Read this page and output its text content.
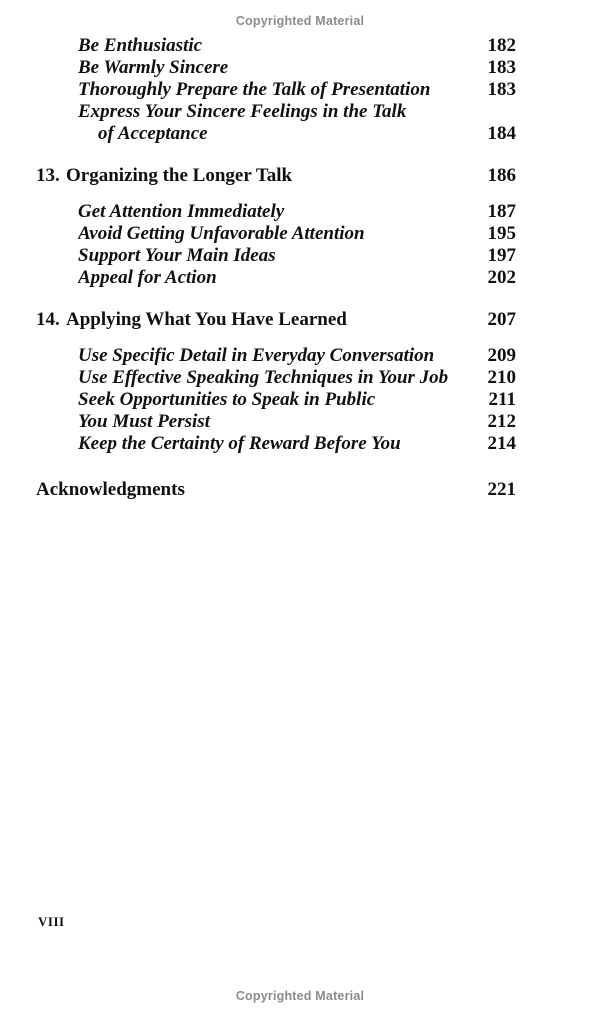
Copyrighted Material
Be Enthusiastic	182
Be Warmly Sincere	183
Thoroughly Prepare the Talk of Presentation	183
Express Your Sincere Feelings in the Talk
of Acceptance	184
13. Organizing the Longer Talk	186
Get Attention Immediately	187
Avoid Getting Unfavorable Attention	195
Support Your Main Ideas	197
Appeal for Action	202
14. Applying What You Have Learned	207
Use Specific Detail in Everyday Conversation	209
Use Effective Speaking Techniques in Your Job	210
Seek Opportunities to Speak in Public	211
You Must Persist	212
Keep the Certainty of Reward Before You	214
Acknowledgments	221
VIII
Copyrighted Material
